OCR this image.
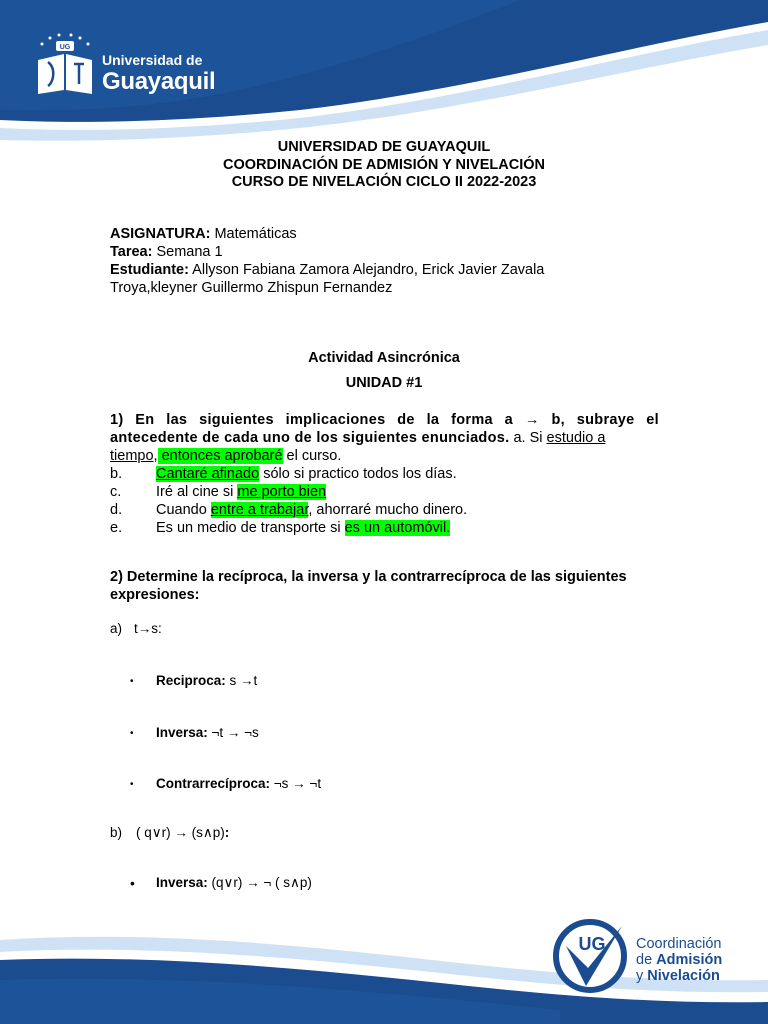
UG
Universidad de
Guayaquil
UNIVERSIDAD DE GUAYAQUIL
COORDINACIÓN DE ADMISIÓN Y NIVELACIÓN
CURSO DE NIVELACIÓN CICLO II 2022-2023
ASIGNATURA: Matemáticas
Tarea: Semana 1
Estudiante: Allyson Fabiana Zamora Alejandro, Erick Javier Zavala
Troya,kleyner Guillermo Zhispun Fernandez
Actividad Asincrónica
UNIDAD #1
1) En las siguientes implicaciones de la forma a → b, subraye el antecedente de cada uno de los siguientes enunciados. a. Si estudio a
tiempo, entonces aprobaré el curso.
b. Cantaré afinado sólo si practico todos los días.
c. Iré al cine si me porto bien
d. Cuando entre a trabajar, ahorraré mucho dinero.
e. Es un medio de transporte si es un automóvil.
2) Determine la recíproca, la inversa y la contrarrecíproca de las siguientes expresiones:
a) t→s:
• Reciproca: s →t
• Inversa: ¬t → ¬s
• Contrarrecíproca: ¬s → ¬t
b) ( q∨r) → (s∧p):
• Inversa: (q∨r) → ¬ ( s∧p)
UG Coordinación
de Admisión
y Nivelación
